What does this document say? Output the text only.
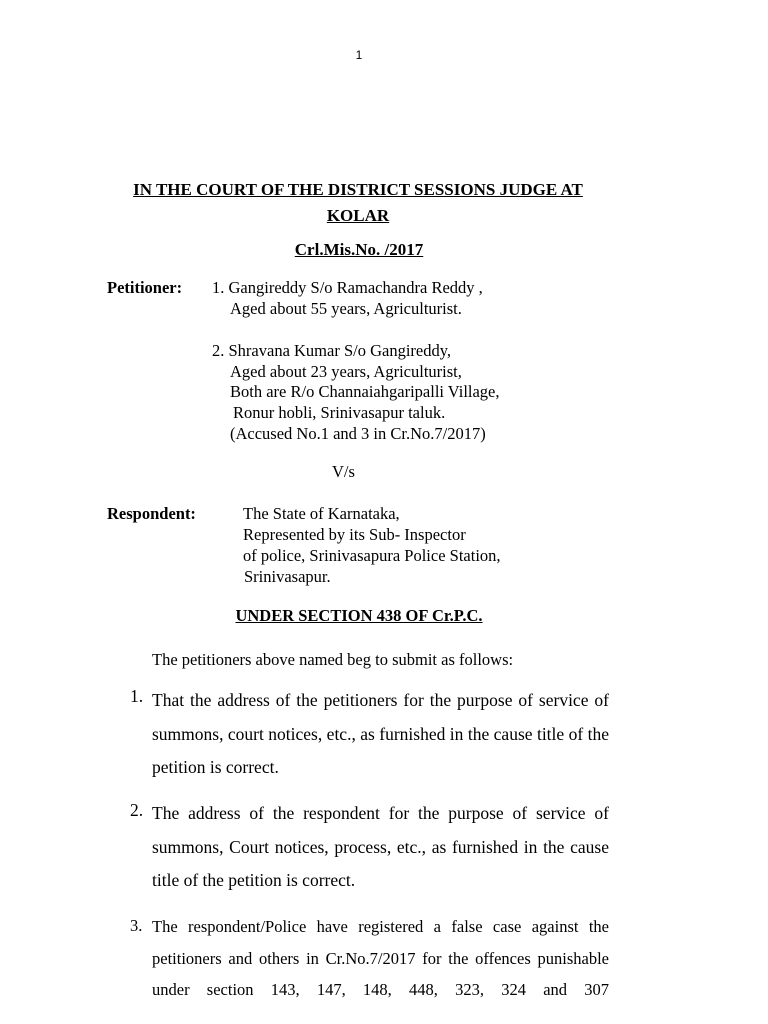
1
IN THE COURT OF THE DISTRICT SESSIONS JUDGE AT KOLAR
Crl.Mis.No. /2017
Petitioner: 1. Gangireddy S/o Ramachandra Reddy ,
Aged about 55 years, Agriculturist.
2. Shravana Kumar S/o Gangireddy,
Aged about 23 years, Agriculturist,
Both are R/o Channaiahgaripalli Village,
Ronur hobli, Srinivasapur taluk.
(Accused No.1 and 3 in Cr.No.7/2017)
V/s
Respondent:	The State of Karnataka,
Represented by its Sub- Inspector
of police, Srinivasapura Police Station,
Srinivasapur.
UNDER SECTION 438 OF Cr.P.C.
The petitioners above named beg to submit as follows:
1. That the address of the petitioners for the purpose of service of summons, court notices, etc., as furnished in the cause title of the petition is correct.
2. The address of the respondent for the purpose of service of summons, Court notices, process, etc., as furnished in the cause title of the petition is correct.
3. The respondent/Police have registered a false case against the petitioners and others in Cr.No.7/2017 for the offences punishable under section 143, 147, 148, 448, 323, 324 and 307
